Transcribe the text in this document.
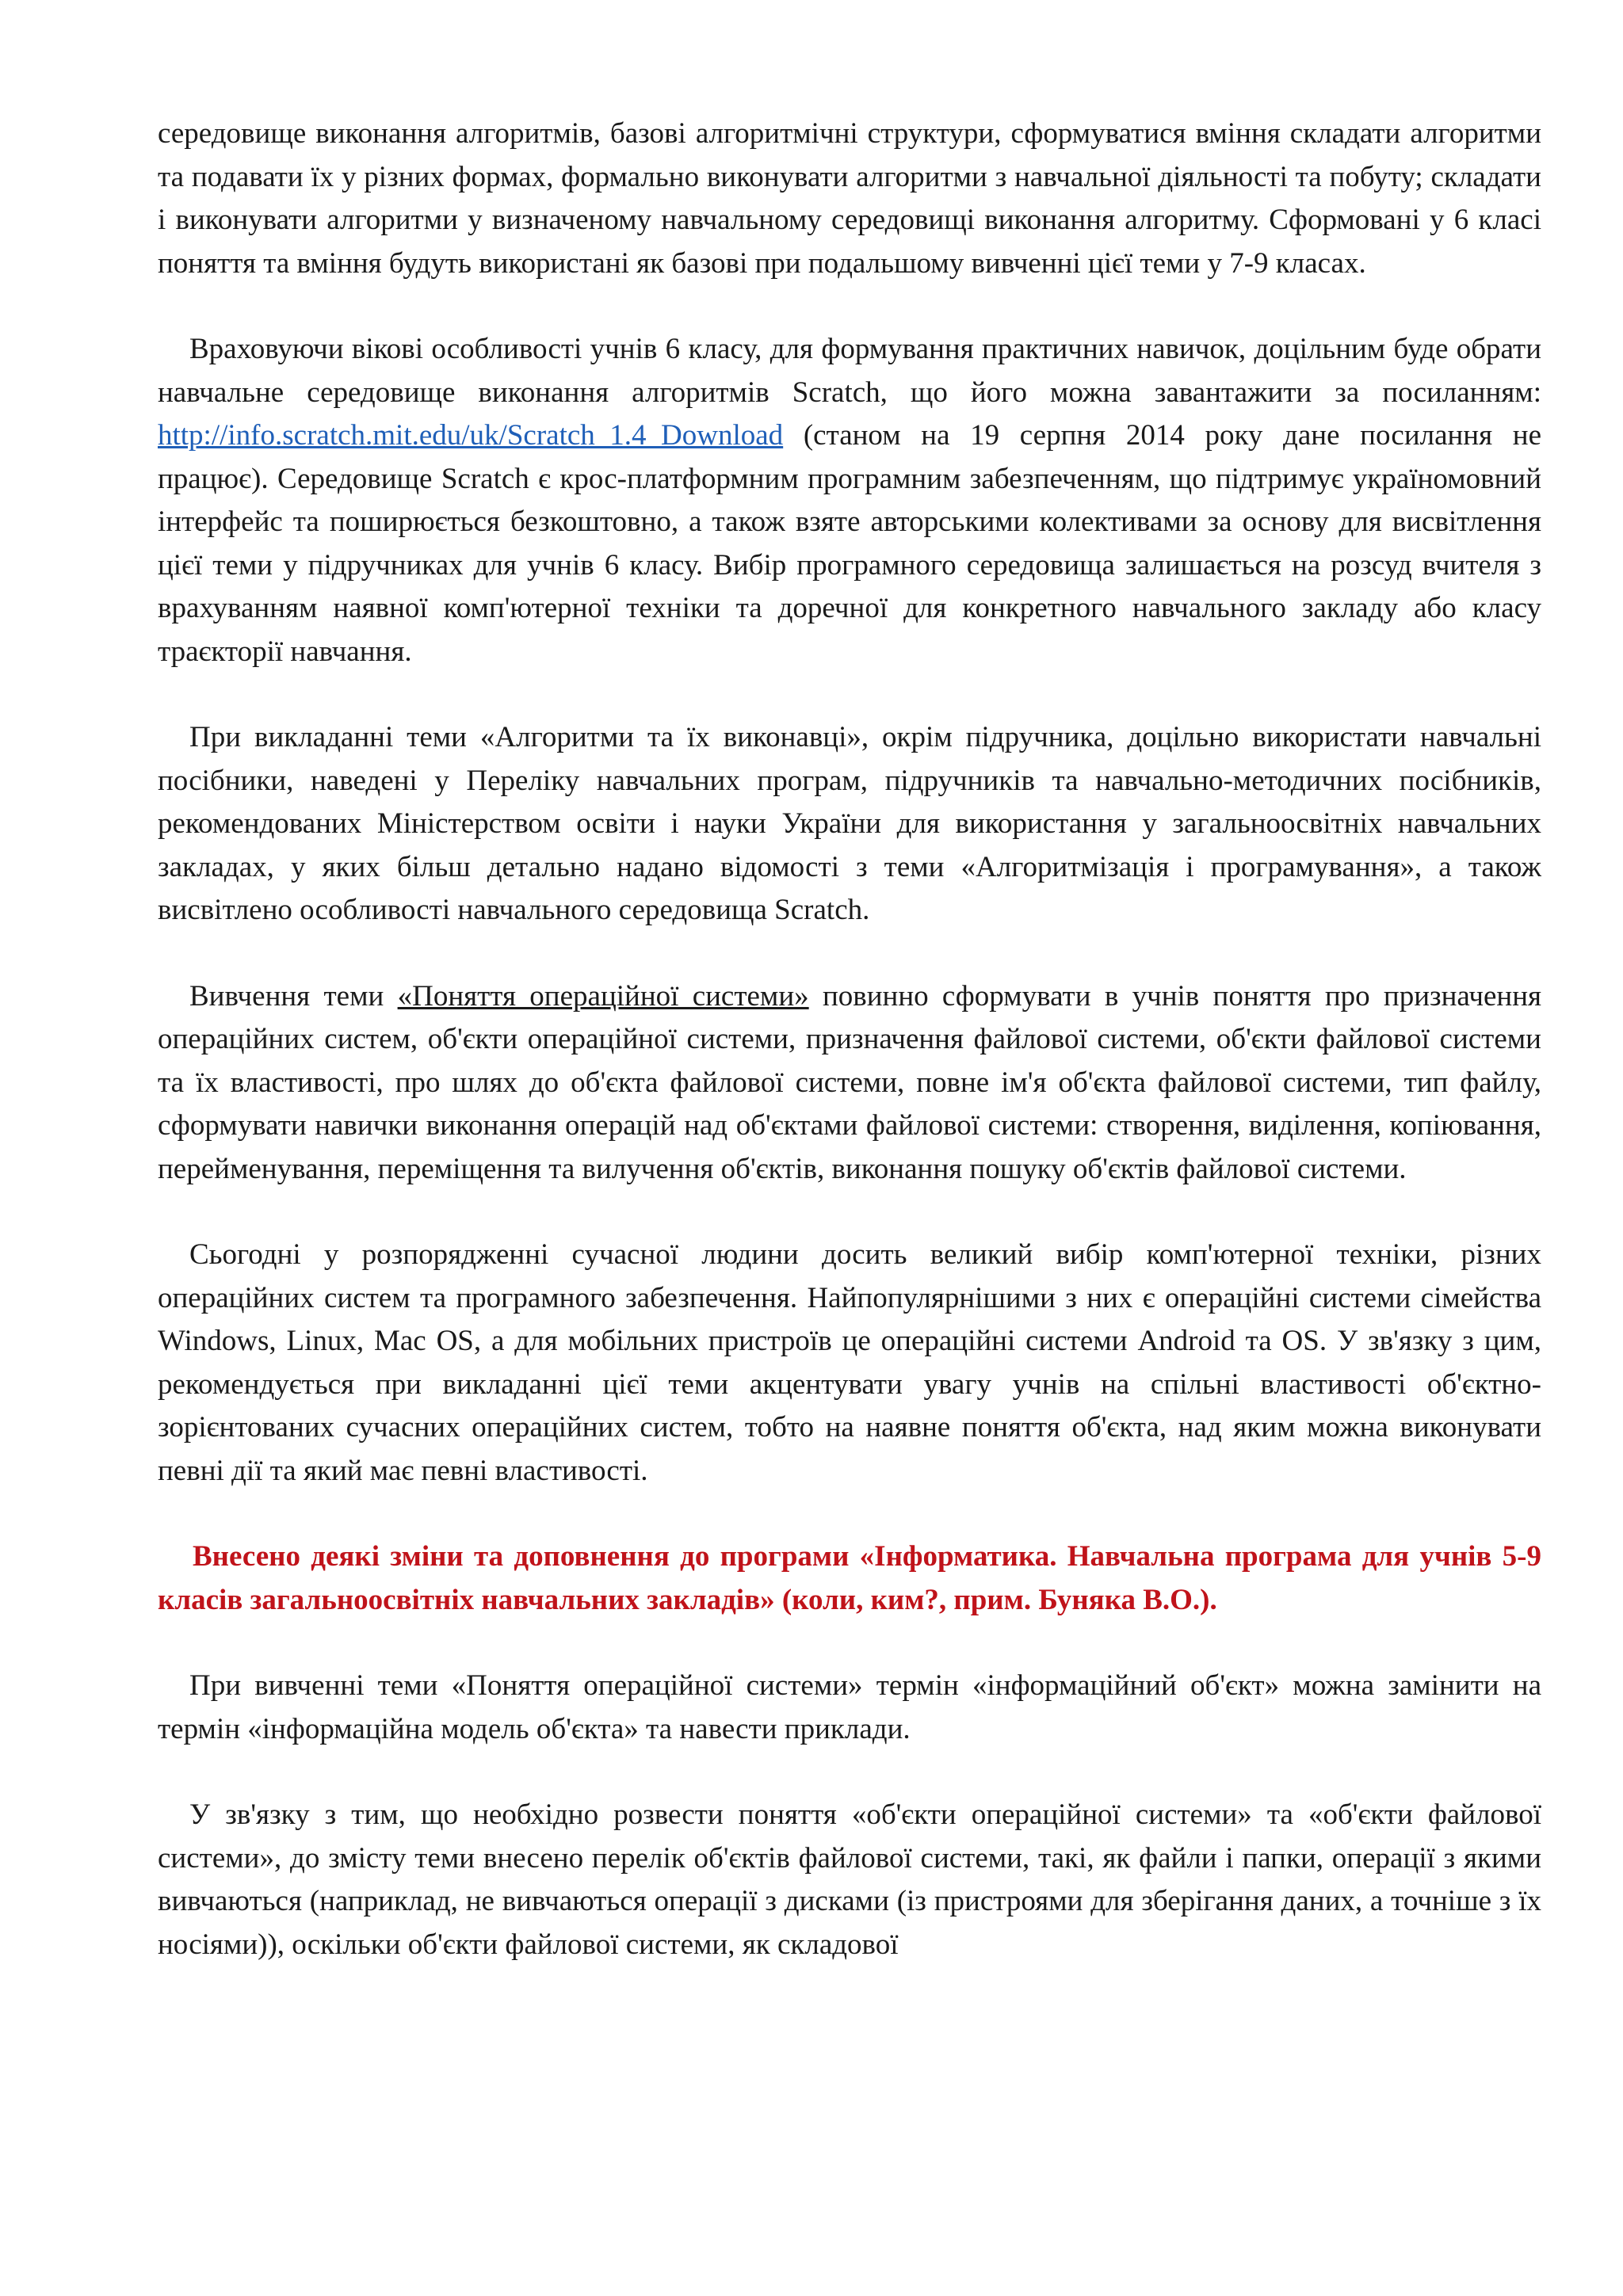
середовище виконання алгоритмів, базові алгоритмічні структури, сформуватися вміння складати алгоритми та подавати їх у різних формах, формально виконувати алгоритми з навчальної діяльності та побуту; складати і виконувати алгоритми у визначеному навчальному середовищі виконання алгоритму. Сформовані у 6 класі поняття та вміння будуть використані як базові при подальшому вивченні цієї теми у 7-9 класах.

Враховуючи вікові особливості учнів 6 класу, для формування практичних навичок, доцільним буде обрати навчальне середовище виконання алгоритмів Scratch, що його можна завантажити за посиланням: http://info.scratch.mit.edu/uk/Scratch_1.4_Download (станом на 19 серпня 2014 року дане посилання не працює). Середовище Scratch є крос-платформним програмним забезпеченням, що підтримує україномовний інтерфейс та поширюється безкоштовно, а також взяте авторськими колективами за основу для висвітлення цієї теми у підручниках для учнів 6 класу. Вибір програмного середовища залишається на розсуд вчителя з врахуванням наявної комп'ютерної техніки та доречної для конкретного навчального закладу або класу траєкторії навчання.

При викладанні теми «Алгоритми та їх виконавці», окрім підручника, доцільно використати навчальні посібники, наведені у Переліку навчальних програм, підручників та навчально-методичних посібників, рекомендованих Міністерством освіти і науки України для використання у загальноосвітніх навчальних закладах, у яких більш детально надано відомості з теми «Алгоритмізація і програмування», а також висвітлено особливості навчального середовища Scratch.

Вивчення теми «Поняття операційної системи» повинно сформувати в учнів поняття про призначення операційних систем, об'єкти операційної системи, призначення файлової системи, об'єкти файлової системи та їх властивості, про шлях до об'єкта файлової системи, повне ім'я об'єкта файлової системи, тип файлу, сформувати навички виконання операцій над об'єктами файлової системи: створення, виділення, копіювання, перейменування, переміщення та вилучення об'єктів, виконання пошуку об'єктів файлової системи.

Сьогодні у розпорядженні сучасної людини досить великий вибір комп'ютерної техніки, різних операційних систем та програмного забезпечення. Найпопулярнішими з них є операційні системи сімейства Windows, Linux, Mac OS, а для мобільних пристроїв це операційні системи Android та OS. У зв'язку з цим, рекомендується при викладанні цієї теми акцентувати увагу учнів на спільні властивості об'єктно-зорієнтованих сучасних операційних систем, тобто на наявне поняття об'єкта, над яким можна виконувати певні дії та який має певні властивості.

Внесено деякі зміни та доповнення до програми «Інформатика. Навчальна програма для учнів 5-9 класів загальноосвітніх навчальних закладів» (коли, ким?, прим. Буняка В.О.).

При вивченні теми «Поняття операційної системи» термін «інформаційний об'єкт» можна замінити на термін «інформаційна модель об'єкта» та навести приклади.

У зв'язку з тим, що необхідно розвести поняття «об'єкти операційної системи» та «об'єкти файлової системи», до змісту теми внесено перелік об'єктів файлової системи, такі, як файли і папки, операції з якими вивчаються (наприклад, не вивчаються операції з дисками (із пристроями для зберігання даних, а точніше з їх носіями)), оскільки об'єкти файлової системи, як складової
